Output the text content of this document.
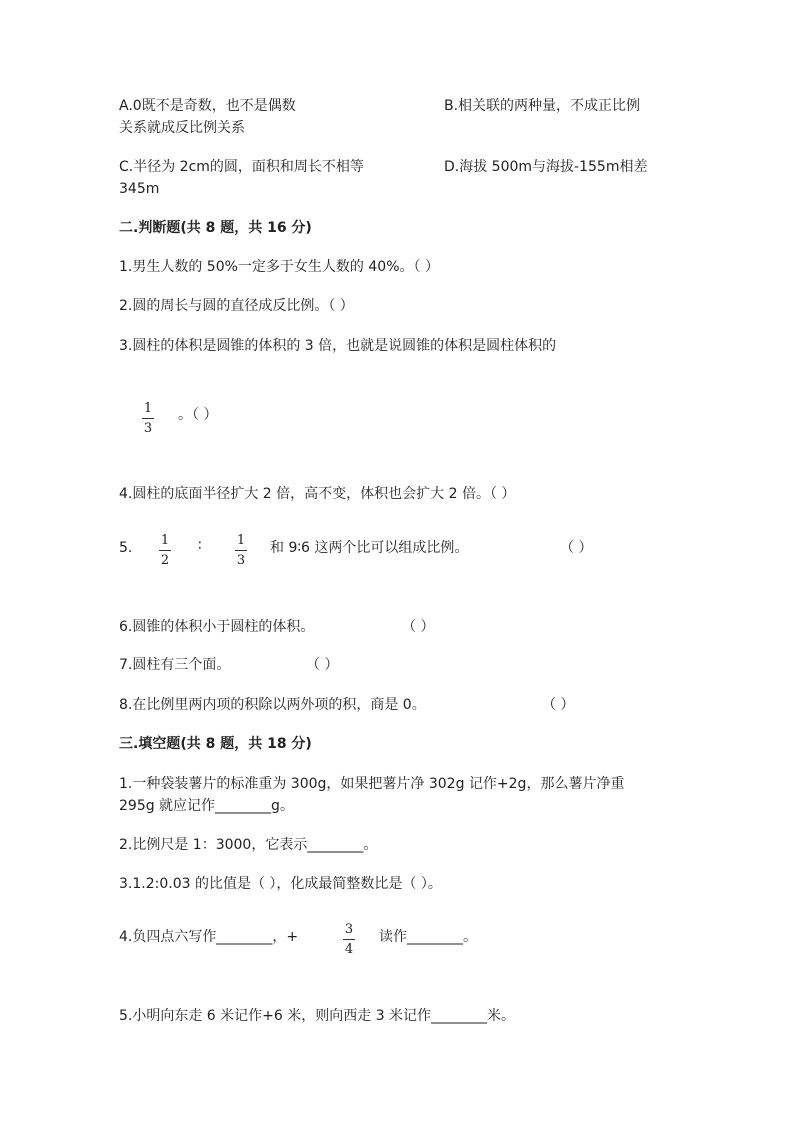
A.0既不是奇数，也不是偶数	B.相关联的两种量，不成正比例
关系就成反比例关系
C.半径为 2cm的圆，面积和周长不相等	D.海拔 500m与海拔-155m相差
345m
二.判断题(共 8 题，共 16 分)
1.男生人数的 50%一定多于女生人数的 40%。（ ）
2.圆的周长与圆的直径成反比例。（ ）
3.圆柱的体积是圆锥的体积的 3 倍，也就是说圆锥的体积是圆柱体积的
1
3
。（ ）
4.圆柱的底面半径扩大 2 倍，高不变，体积也会扩大 2 倍。（ ）
5. 1
2
∶	1
3
和 9∶6 这两个比可以组成比例。	（ ）
6.圆锥的体积小于圆柱的体积。	（ ）
7.圆柱有三个面。	（ ）
8.在比例里两内项的积除以两外项的积，商是 0。	（ ）
三.填空题(共 8 题，共 18 分)
1.一种袋装薯片的标准重为 300g，如果把薯片净 302g 记作+2g，那么薯片净重
295g 就应记作________g。
2.比例尺是 1：3000，它表示________。
3.1.2:0.03 的比值是（ ），化成最简整数比是（ ）。
4.负四点六写作________，+	3
4
读作________。
5.小明向东走 6 米记作+6 米，则向西走 3 米记作________米。
